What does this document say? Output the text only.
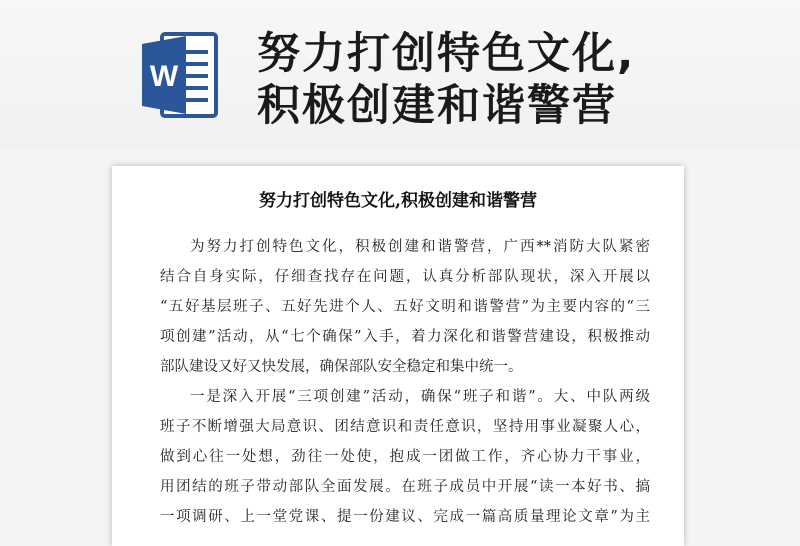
W 努力打创特色文化,
积极创建和谐警营
努力打创特色文化,积极创建和谐警营
为努力打创特色文化，积极创建和谐警营，广西**消防大队紧密
结合自身实际，仔细查找存在问题，认真分析部队现状，深入开展以
“五好基层班子、五好先进个人、五好文明和谐警营”为主要内容的“三
项创建”活动，从“七个确保”入手，着力深化和谐警营建设，积极推动
部队建设又好又快发展，确保部队安全稳定和集中统一。
一是深入开展“三项创建”活动，确保“班子和谐”。大、中队两级
班子不断增强大局意识、团结意识和责任意识，坚持用事业凝聚人心，
做到心往一处想，劲往一处使，抱成一团做工作，齐心协力干事业，
用团结的班子带动部队全面发展。在班子成员中开展“读一本好书、搞
一项调研、上一堂党课、提一份建议、完成一篇高质量理论文章”为主
